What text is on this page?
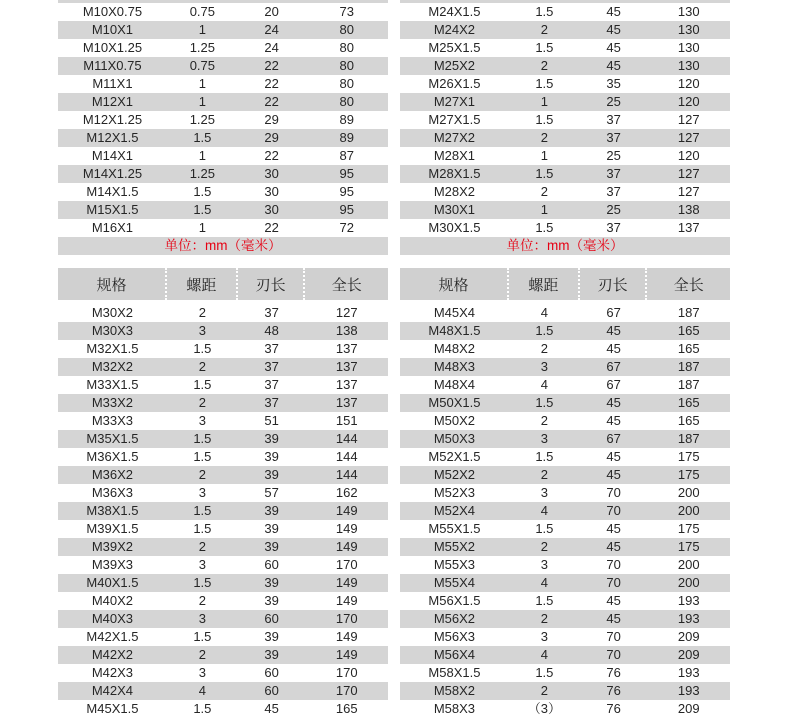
M10X0.75	0.75	20	73
M10X1	1	24	80
M10X1.25	1.25	24	80
M11X0.75	0.75	22	80
M11X1	1	22	80
M12X1	1	22	80
M12X1.25	1.25	29	89
M12X1.5	1.5	29	89
M14X1	1	22	87
M14X1.25	1.25	30	95
M14X1.5	1.5	30	95
M15X1.5	1.5	30	95
M16X1	1	22	72
单位：mm（毫米）
M24X1.5	1.5	45	130
M24X2	2	45	130
M25X1.5	1.5	45	130
M25X2	2	45	130
M26X1.5	1.5	35	120
M27X1	1	25	120
M27X1.5	1.5	37	127
M27X2	2	37	127
M28X1	1	25	120
M28X1.5	1.5	37	127
M28X2	2	37	127
M30X1	1	25	138
M30X1.5	1.5	37	137
单位：mm（毫米）
规格	螺距	刃长	全长
M30X2	2	37	127
M30X3	3	48	138
M32X1.5	1.5	37	137
M32X2	2	37	137
M33X1.5	1.5	37	137
M33X2	2	37	137
M33X3	3	51	151
M35X1.5	1.5	39	144
M36X1.5	1.5	39	144
M36X2	2	39	144
M36X3	3	57	162
M38X1.5	1.5	39	149
M39X1.5	1.5	39	149
M39X2	2	39	149
M39X3	3	60	170
M40X1.5	1.5	39	149
M40X2	2	39	149
M40X3	3	60	170
M42X1.5	1.5	39	149
M42X2	2	39	149
M42X3	3	60	170
M42X4	4	60	170
M45X1.5	1.5	45	165
规格	螺距	刃长	全长
M45X4	4	67	187
M48X1.5	1.5	45	165
M48X2	2	45	165
M48X3	3	67	187
M48X4	4	67	187
M50X1.5	1.5	45	165
M50X2	2	45	165
M50X3	3	67	187
M52X1.5	1.5	45	175
M52X2	2	45	175
M52X3	3	70	200
M52X4	4	70	200
M55X1.5	1.5	45	175
M55X2	2	45	175
M55X3	3	70	200
M55X4	4	70	200
M56X1.5	1.5	45	193
M56X2	2	45	193
M56X3	3	70	209
M56X4	4	70	209
M58X1.5	1.5	76	193
M58X2	2	76	193
M58X3	（3）	76	209
